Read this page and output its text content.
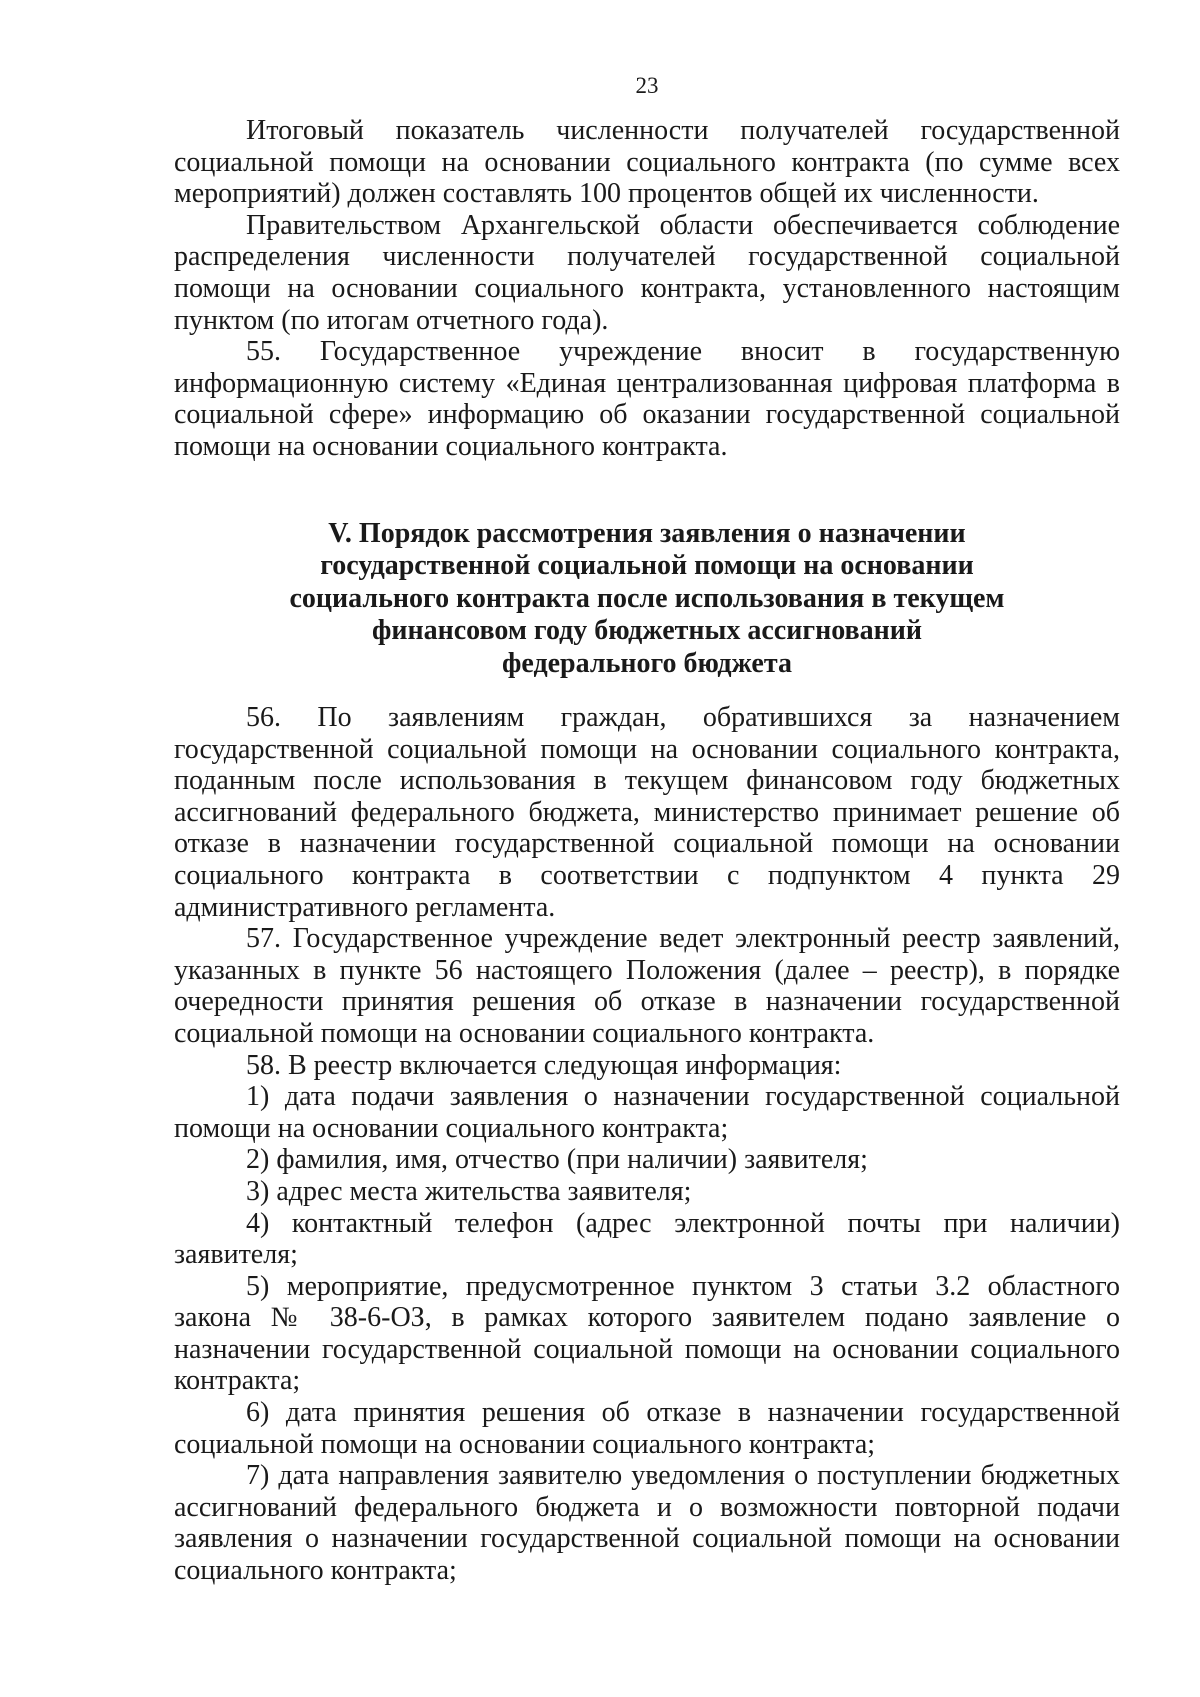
23

Итоговый показатель численности получателей государственной социальной помощи на основании социального контракта (по сумме всех мероприятий) должен составлять 100 процентов общей их численности.

Правительством Архангельской области обеспечивается соблюдение распределения численности получателей государственной социальной помощи на основании социального контракта, установленного настоящим пунктом (по итогам отчетного года).

55. Государственное учреждение вносит в государственную информационную систему «Единая централизованная цифровая платформа в социальной сфере» информацию об оказании государственной социальной помощи на основании социального контракта.

V. Порядок рассмотрения заявления о назначении
государственной социальной помощи на основании
социального контракта после использования в текущем
финансовом году бюджетных ассигнований
федерального бюджета

56. По заявлениям граждан, обратившихся за назначением государственной социальной помощи на основании социального контракта, поданным после использования в текущем финансовом году бюджетных ассигнований федерального бюджета, министерство принимает решение об отказе в назначении государственной социальной помощи на основании социального контракта в соответствии с подпунктом 4 пункта 29 административного регламента.

57. Государственное учреждение ведет электронный реестр заявлений, указанных в пункте 56 настоящего Положения (далее – реестр), в порядке очередности принятия решения об отказе в назначении государственной социальной помощи на основании социального контракта.

58. В реестр включается следующая информация:

1) дата подачи заявления о назначении государственной социальной помощи на основании социального контракта;

2) фамилия, имя, отчество (при наличии) заявителя;

3) адрес места жительства заявителя;

4) контактный телефон (адрес электронной почты при наличии) заявителя;

5) мероприятие, предусмотренное пунктом 3 статьи 3.2 областного закона № 38-6-ОЗ, в рамках которого заявителем подано заявление о назначении государственной социальной помощи на основании социального контракта;

6) дата принятия решения об отказе в назначении государственной социальной помощи на основании социального контракта;

7) дата направления заявителю уведомления о поступлении бюджетных ассигнований федерального бюджета и о возможности повторной подачи заявления о назначении государственной социальной помощи на основании социального контракта;
